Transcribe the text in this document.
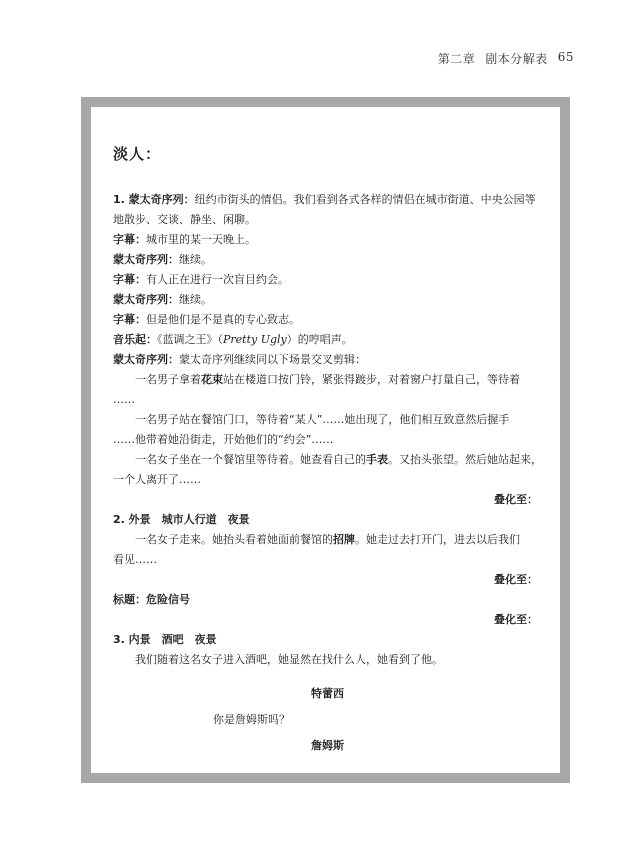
第二章 剧本分解表 65
淡人：
1. 蒙太奇序列：纽约市街头的情侣。我们看到各式各样的情侣在城市街道、中央公园等
地散步、交谈、静坐、闲聊。
字幕：城市里的某一天晚上。
蒙太奇序列：继续。
字幕：有人正在进行一次盲目约会。
蒙太奇序列：继续。
字幕：但是他们是不是真的专心致志。
音乐起：《蓝调之王》（Pretty Ugly）的哼唱声。
蒙太奇序列：蒙太奇序列继续同以下场景交叉剪辑：
一名男子拿着花束站在楼道口按门铃，紧张得踱步，对着窗户打量自己，等待着
……
一名男子站在餐馆门口，等待着“某人”……她出现了，他们相互致意然后握手
……他带着她沿街走，开始他们的“约会”……
一名女子坐在一个餐馆里等待着。她查看自己的手表。又抬头张望。然后她站起来，
一个人离开了……
叠化至：
2. 外景　城市人行道　夜景
一名女子走来。她抬头看着她面前餐馆的招牌。她走过去打开门，进去以后我们
看见……
叠化至：
标题：危险信号
叠化至：
3. 内景　酒吧　夜景
我们随着这名女子进入酒吧，她显然在找什么人，她看到了他。
特蕾西
你是詹姆斯吗？
詹姆斯
